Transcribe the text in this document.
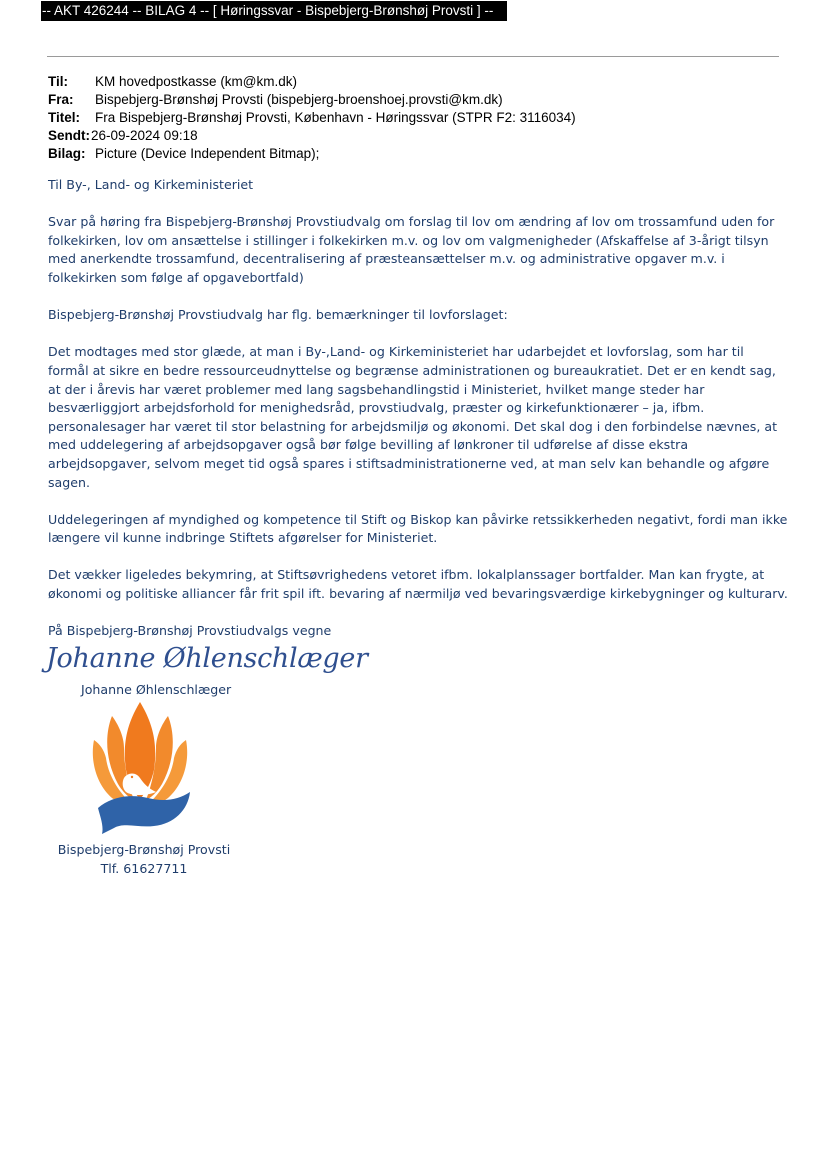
-- AKT 426244 -- BILAG 4 -- [ Høringssvar - Bispebjerg-Brønshøj Provsti ] --
Til:	KM hovedpostkasse (km@km.dk)
Fra:	Bispebjerg-Brønshøj Provsti (bispebjerg-broenshoej.provsti@km.dk)
Titel:	Fra Bispebjerg-Brønshøj Provsti, København - Høringssvar (STPR F2: 3116034)
Sendt: 26-09-2024 09:18
Bilag: Picture (Device Independent Bitmap);

Til By-, Land- og Kirkeministeriet

Svar på høring fra Bispebjerg-Brønshøj Provstiudvalg om forslag til lov om ændring af lov om trossamfund uden for folkekirken, lov om ansættelse i stillinger i folkekirken m.v. og lov om valgmenigheder (Afskaffelse af 3-årigt tilsyn med anerkendte trossamfund, decentralisering af præsteansættelser m.v. og administrative opgaver m.v. i folkekirken som følge af opgavebortfald)

Bispebjerg-Brønshøj Provstiudvalg har flg. bemærkninger til lovforslaget:

Det modtages med stor glæde, at man i By-,Land- og Kirkeministeriet har udarbejdet et lovforslag, som har til formål at sikre en bedre ressourceudnyttelse og begrænse administrationen og bureaukratiet. Det er en kendt sag, at der i årevis har været problemer med lang sagsbehandlingstid i Ministeriet, hvilket mange steder har besværliggjort arbejdsforhold for menighedsråd, provstiudvalg, præster og kirkefunktionærer – ja, ifbm. personalesager har været til stor belastning for arbejdsmiljø og økonomi. Det skal dog i den forbindelse nævnes, at med uddelegering af arbejdsopgaver også bør følge bevilling af lønkroner til udførelse af disse ekstra arbejdsopgaver, selvom meget tid også spares i stiftsadministrationerne ved, at man selv kan behandle og afgøre sagen.

Uddelegeringen af myndighed og kompetence til Stift og Biskop kan påvirke retssikkerheden negativt, fordi man ikke længere vil kunne indbringe Stiftets afgørelser for Ministeriet.

Det vækker ligeledes bekymring, at Stiftsøvrighedens vetoret ifbm. lokalplanssager bortfalder. Man kan frygte, at økonomi og politiske alliancer får frit spil ift. bevaring af nærmiljø ved bevaringsværdige kirkebygninger og kulturarv.

På Bispebjerg-Brønshøj Provstiudvalgs vegne

Johanne Øhlenschlæger
Johanne Øhlenschlæger
Bispebjerg-Brønshøj Provsti
Tlf. 61627711
